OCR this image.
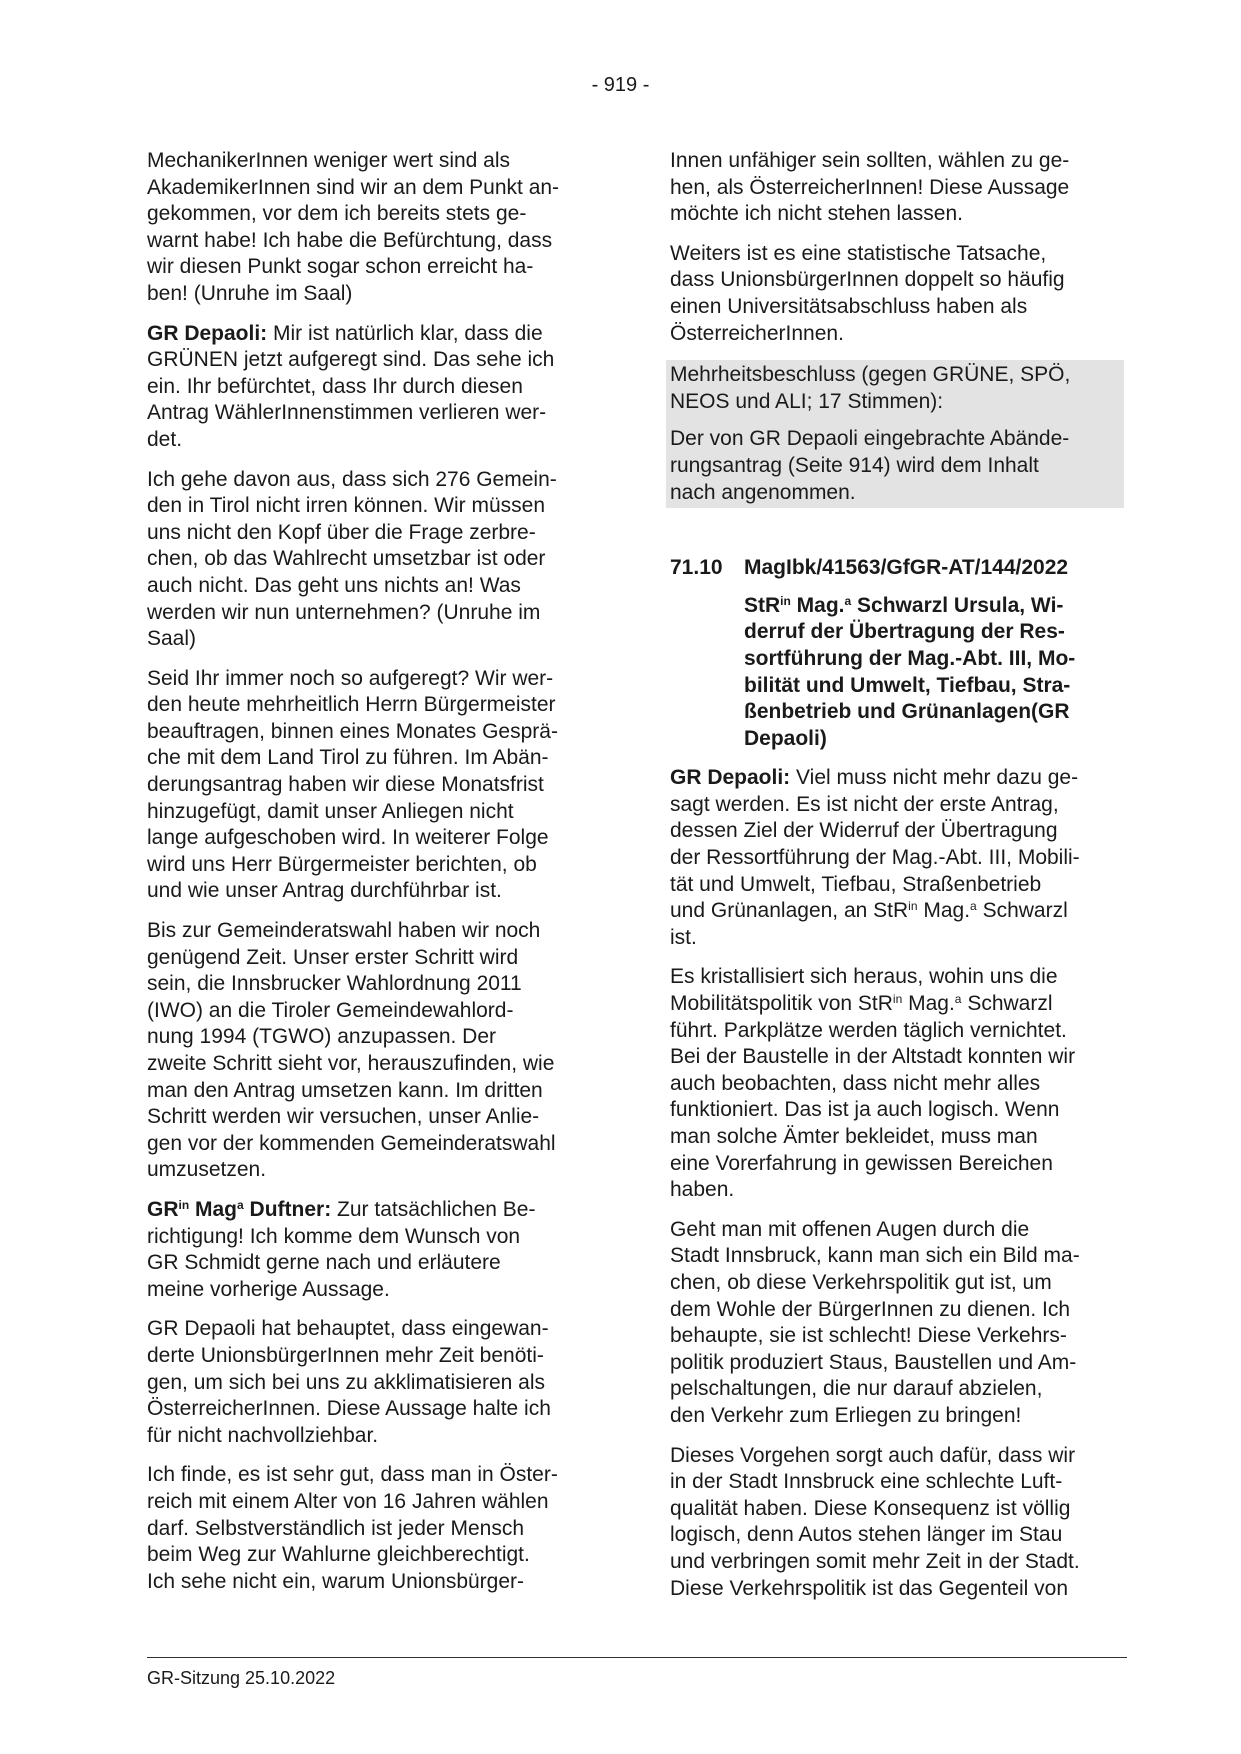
- 919 -

MechanikerInnen weniger wert sind als
AkademikerInnen sind wir an dem Punkt an-
gekommen, vor dem ich bereits stets ge-
warnt habe! Ich habe die Befürchtung, dass
wir diesen Punkt sogar schon erreicht ha-
ben! (Unruhe im Saal)

GR Depaoli: Mir ist natürlich klar, dass die
GRÜNEN jetzt aufgeregt sind. Das sehe ich
ein. Ihr befürchtet, dass Ihr durch diesen
Antrag WählerInnenstimmen verlieren wer-
det.

Ich gehe davon aus, dass sich 276 Gemein-
den in Tirol nicht irren können. Wir müssen
uns nicht den Kopf über die Frage zerbre-
chen, ob das Wahlrecht umsetzbar ist oder
auch nicht. Das geht uns nichts an! Was
werden wir nun unternehmen? (Unruhe im
Saal)

Seid Ihr immer noch so aufgeregt? Wir wer-
den heute mehrheitlich Herrn Bürgermeister
beauftragen, binnen eines Monates Gesprä-
che mit dem Land Tirol zu führen. Im Abän-
derungsantrag haben wir diese Monatsfrist
hinzugefügt, damit unser Anliegen nicht
lange aufgeschoben wird. In weiterer Folge
wird uns Herr Bürgermeister berichten, ob
und wie unser Antrag durchführbar ist.

Bis zur Gemeinderatswahl haben wir noch
genügend Zeit. Unser erster Schritt wird
sein, die Innsbrucker Wahlordnung 2011
(IWO) an die Tiroler Gemeindewahlord-
nung 1994 (TGWO) anzupassen. Der
zweite Schritt sieht vor, herauszufinden, wie
man den Antrag umsetzen kann. Im dritten
Schritt werden wir versuchen, unser Anlie-
gen vor der kommenden Gemeinderatswahl
umzusetzen.

$GR^{in}$ Mag$^a$ Duftner: Zur tatsächlichen Be-
richtigung! Ich komme dem Wunsch von
GR Schmidt gerne nach und erläutere
meine vorherige Aussage.

GR Depaoli hat behauptet, dass eingewan-
derte UnionsbürgerInnen mehr Zeit benöti-
gen, um sich bei uns zu akklimatisieren als
ÖsterreicherInnen. Diese Aussage halte ich
für nicht nachvollziehbar.

Ich finde, es ist sehr gut, dass man in Öster-
reich mit einem Alter von 16 Jahren wählen
darf. Selbstverständlich ist jeder Mensch
beim Weg zur Wahlurne gleichberechtigt.
Ich sehe nicht ein, warum Unionsbürger-

Innen unfähiger sein sollten, wählen zu ge-
hen, als ÖsterreicherInnen! Diese Aussage
möchte ich nicht stehen lassen.

Weiters ist es eine statistische Tatsache,
dass UnionsbürgerInnen doppelt so häufig
einen Universitätsabschluss haben als
ÖsterreicherInnen.

Mehrheitsbeschluss (gegen GRÜNE, SPÖ,
NEOS und ALI; 17 Stimmen):

Der von GR Depaoli eingebrachte Abände-
rungsantrag (Seite 914) wird dem Inhalt
nach angenommen.

71.10 MagIbk/41563/GfGR-AT/144/2022
StR$^{in}$ Mag.$^a$ Schwarzl Ursula, Wi-derruf der Übertragung der Res-sortführung der Mag.-Abt. III, Mo-bilität und Umwelt, Tiefbau, Stra-ßenbetrieb und Grünanlagen(GR Depaoli)

GR Depaoli: Viel muss nicht mehr dazu ge-
sagt werden. Es ist nicht der erste Antrag,
dessen Ziel der Widerruf der Übertragung
der Ressortführung der Mag.-Abt. III, Mobili-
tät und Umwelt, Tiefbau, Straßenbetrieb
und Grünanlagen, an StR$^{in}$ Mag.$^a$ Schwarzl
ist.

Es kristallisiert sich heraus, wohin uns die
Mobilitätspolitik von StR$^{in}$ Mag.$^a$ Schwarzl
führt. Parkplätze werden täglich vernichtet.
Bei der Baustelle in der Altstadt konnten wir
auch beobachten, dass nicht mehr alles
funktioniert. Das ist ja auch logisch. Wenn
man solche Ämter bekleidet, muss man
eine Vorerfahrung in gewissen Bereichen
haben.

Geht man mit offenen Augen durch die
Stadt Innsbruck, kann man sich ein Bild ma-
chen, ob diese Verkehrspolitik gut ist, um
dem Wohle der BürgerInnen zu dienen. Ich
behaupte, sie ist schlecht! Diese Verkehrs-
politik produziert Staus, Baustellen und Am-
pelschaltungen, die nur darauf abzielen,
den Verkehr zum Erliegen zu bringen!

Dieses Vorgehen sorgt auch dafür, dass wir
in der Stadt Innsbruck eine schlechte Luft-
qualität haben. Diese Konsequenz ist völlig
logisch, denn Autos stehen länger im Stau
und verbringen somit mehr Zeit in der Stadt.
Diese Verkehrspolitik ist das Gegenteil von

GR-Sitzung 25.10.2022
